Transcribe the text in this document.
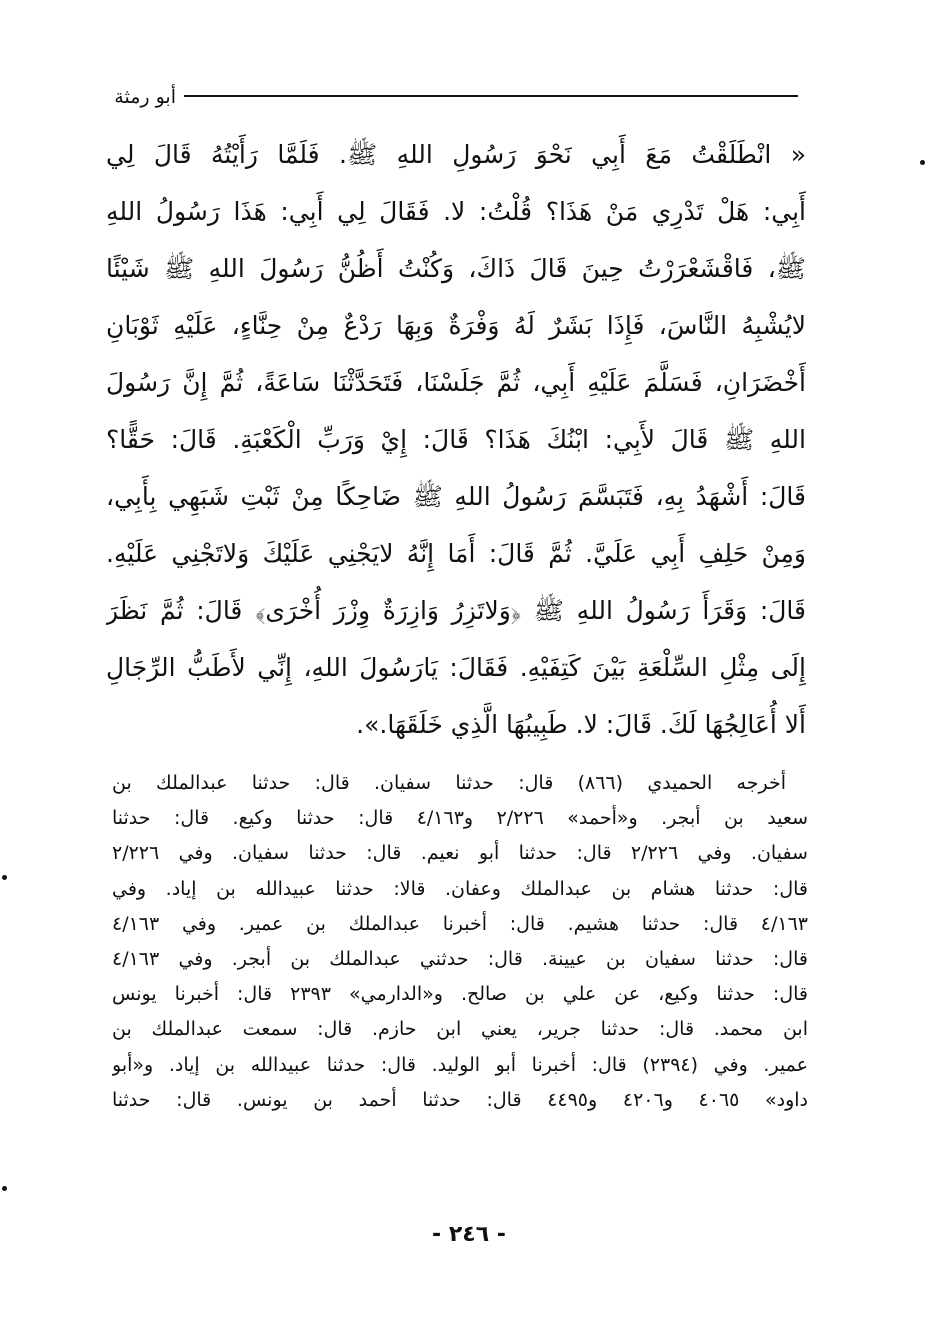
أبو رمثة
« انْطَلَقْتُ مَعَ أَبِي نَحْوَ رَسُولِ اللهِ ﷺ. فَلَمَّا رَأَيْتُهُ قَالَ لِي
أَبِي: هَلْ تَدْرِي مَنْ هَذَا؟ قُلْتُ: لا. فَقَالَ لِي أَبِي: هَذَا رَسُولُ اللهِ
ﷺ، فَاقْشَعْرَرْتُ حِينَ قَالَ ذَاكَ، وَكُنْتُ أَظُنُّ رَسُولَ اللهِ ﷺ شَيْئًا
لايُشْبِهُ النَّاسَ، فَإِذَا بَشَرٌ لَهُ وَفْرَةٌ وَبِهَا رَدْعٌ مِنْ حِنَّاءٍ، عَلَيْهِ ثَوْبَانِ
أَخْضَرَانِ، فَسَلَّمَ عَلَيْهِ أَبِي، ثُمَّ جَلَسْنَا، فَتَحَدَّثْنَا سَاعَةً، ثُمَّ إِنَّ رَسُولَ
اللهِ ﷺ قَالَ لأَبِي: ابْنُكَ هَذَا؟ قَالَ: إِيْ وَرَبِّ الْكَعْبَةِ. قَالَ: حَقًّا؟
قَالَ: أَشْهَدُ بِهِ، فَتَبَسَّمَ رَسُولُ اللهِ ﷺ ضَاحِكًا مِنْ ثَبْتِ شَبَهِي بِأَبِي،
وَمِنْ حَلِفِ أَبِي عَلَيَّ. ثُمَّ قَالَ: أَمَا إِنَّهُ لايَجْنِي عَلَيْكَ وَلاتَجْنِي عَلَيْهِ.
قَالَ: وَقَرَأَ رَسُولُ اللهِ ﷺ ﴿وَلاتَزِرُ وَازِرَةٌ وِزْرَ أُخْرَى﴾ قَالَ: ثُمَّ نَظَرَ
إِلَى مِثْلِ السِّلْعَةِ بَيْنَ كَتِفَيْهِ. فَقَالَ: يَارَسُولَ اللهِ، إِنِّي لأَطَبُّ الرِّجَالِ
أَلا أُعَالِجُهَا لَكَ. قَالَ: لا. طَبِيبُهَا الَّذِي خَلَقَهَا.».
أخرجه الحميدي (٨٦٦) قال: حدثنا سفيان. قال: حدثنا عبدالملك بن
سعيد بن أبجر. و«أحمد» ٢/٢٢٦ و٤/١٦٣ قال: حدثنا وكيع. قال: حدثنا
سفيان. وفي ٢/٢٢٦ قال: حدثنا أبو نعيم. قال: حدثنا سفيان. وفي ٢/٢٢٦
قال: حدثنا هشام بن عبدالملك وعفان. قالا: حدثنا عبيدالله بن إياد. وفي
٤/١٦٣ قال: حدثنا هشيم. قال: أخبرنا عبدالملك بن عمير. وفي ٤/١٦٣
قال: حدثنا سفيان بن عيينة. قال: حدثني عبدالملك بن أبجر. وفي ٤/١٦٣
قال: حدثنا وكيع، عن علي بن صالح. و«الدارمي» ٢٣٩٣ قال: أخبرنا يونس
ابن محمد. قال: حدثنا جرير، يعني ابن حازم. قال: سمعت عبدالملك بن
عمير. وفي (٢٣٩٤) قال: أخبرنا أبو الوليد. قال: حدثنا عبيدالله بن إياد. و«أبو
داود» ٤٠٦٥ و٤٢٠٦ و٤٤٩٥ قال: حدثنا أحمد بن يونس. قال: حدثنا
- ٢٤٦ -
